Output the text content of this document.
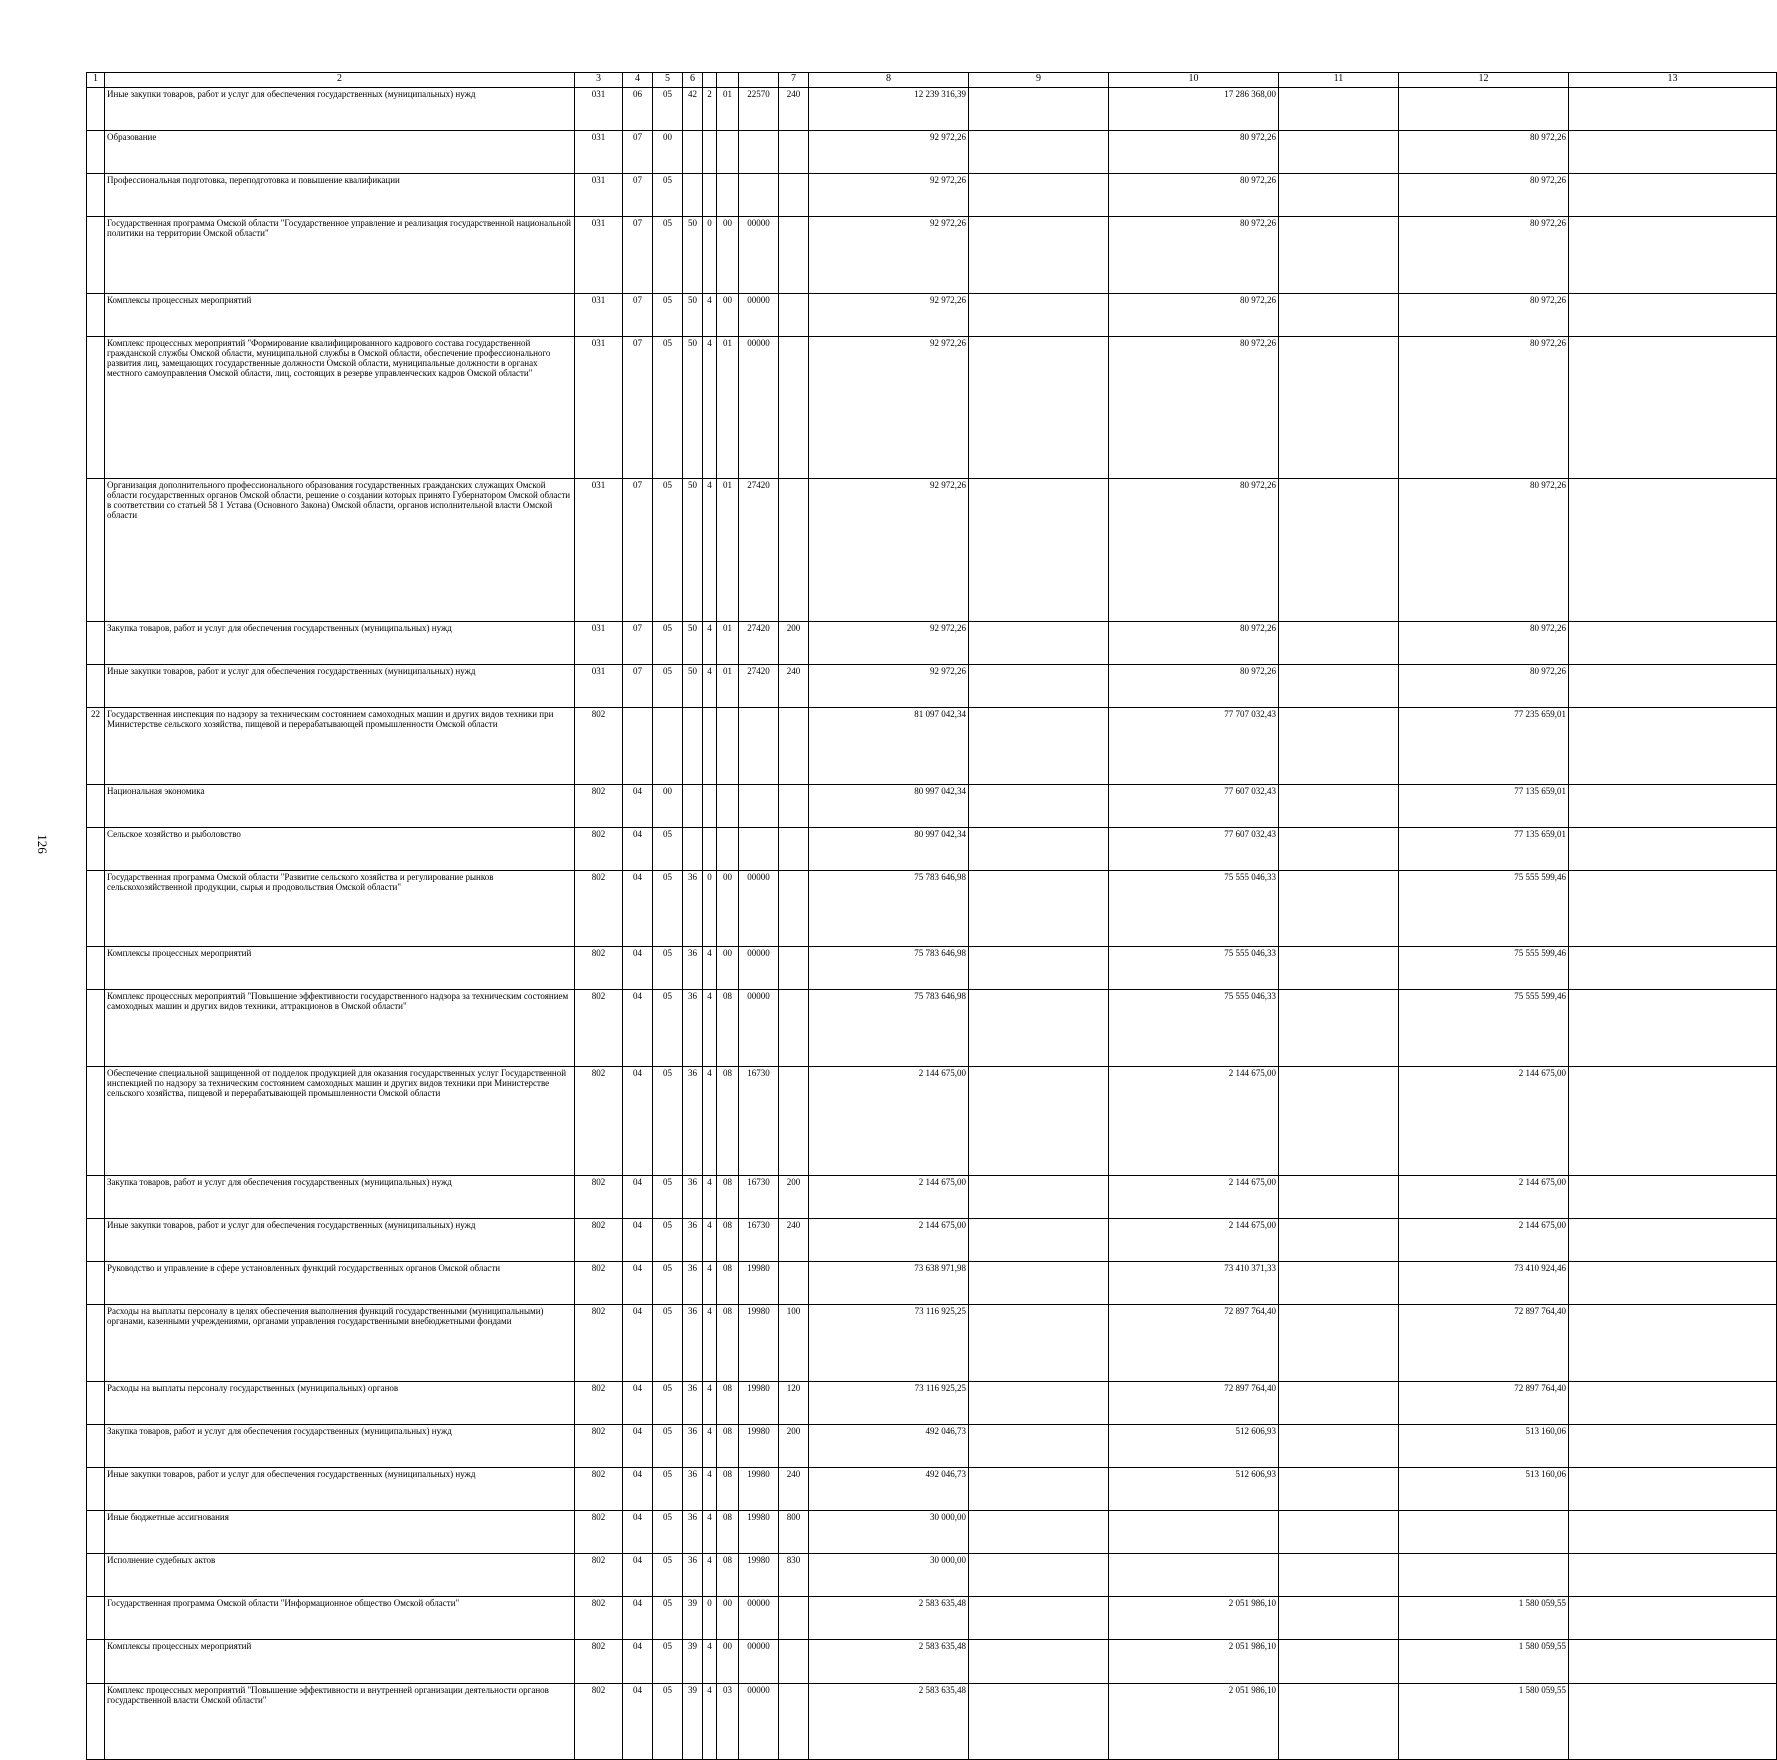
126
1	2	3	4	5	6				7	8	9	10	11	12	13
	Иные закупки товаров, работ и услуг для обеспечения государственных (муниципальных) нужд	031	06	05	42	2	01	22570	240	12 239 316,39		17 286 368,00			
	Образование	031	07	00						92 972,26		80 972,26		80 972,26	
	Профессиональная подготовка, переподготовка и повышение квалификации	031	07	05						92 972,26		80 972,26		80 972,26	
	Государственная программа Омской области "Государственное управление и реализация государственной национальной политики на территории Омской области"	031	07	05	50	0	00	00000		92 972,26		80 972,26		80 972,26	
	Комплексы процессных мероприятий	031	07	05	50	4	00	00000		92 972,26		80 972,26		80 972,26	
	Комплекс процессных мероприятий "Формирование квалифицированного кадрового состава государственной гражданской службы Омской области, муниципальной службы в Омской области, обеспечение профессионального развития лиц, замещающих государственные должности Омской области, муниципальные должности в органах местного самоуправления Омской области, лиц, состоящих в резерве управленческих кадров Омской области"	031	07	05	50	4	01	00000		92 972,26		80 972,26		80 972,26	
	Организация дополнительного профессионального образования государственных гражданских служащих Омской области государственных органов Омской области, решение о создании которых принято Губернатором Омской области в соответствии со статьей 58 1 Устава (Основного Закона) Омской области, органов исполнительной власти Омской области	031	07	05	50	4	01	27420		92 972,26		80 972,26		80 972,26	
	Закупка товаров, работ и услуг для обеспечения государственных (муниципальных) нужд	031	07	05	50	4	01	27420	200	92 972,26		80 972,26		80 972,26	
	Иные закупки товаров, работ и услуг для обеспечения государственных (муниципальных) нужд	031	07	05	50	4	01	27420	240	92 972,26		80 972,26		80 972,26	
22	Государственная инспекция по надзору за техническим состоянием самоходных машин и других видов техники при Министерстве сельского хозяйства, пищевой и перерабатывающей промышленности Омской области	802								81 097 042,34		77 707 032,43		77 235 659,01	
	Национальная экономика	802	04	00						80 997 042,34		77 607 032,43		77 135 659,01	
	Сельское хозяйство и рыболовство	802	04	05						80 997 042,34		77 607 032,43		77 135 659,01	
	Государственная программа Омской области "Развитие сельского хозяйства и регулирование рынков сельскохозяйственной продукции, сырья и продовольствия Омской области"	802	04	05	36	0	00	00000		75 783 646,98		75 555 046,33		75 555 599,46	
	Комплексы процессных мероприятий	802	04	05	36	4	00	00000		75 783 646,98		75 555 046,33		75 555 599,46	
	Комплекс процессных мероприятий "Повышение эффективности государственного надзора за техническим состоянием самоходных машин и других видов техники, аттракционов в Омской области"	802	04	05	36	4	08	00000		75 783 646,98		75 555 046,33		75 555 599,46	
	Обеспечение специальной защищенной от подделок продукцией для оказания государственных услуг Государственной инспекцией по надзору за техническим состоянием самоходных машин и других видов техники при Министерстве сельского хозяйства, пищевой и перерабатывающей промышленности Омской области	802	04	05	36	4	08	16730		2 144 675,00		2 144 675,00		2 144 675,00	
	Закупка товаров, работ и услуг для обеспечения государственных (муниципальных) нужд	802	04	05	36	4	08	16730	200	2 144 675,00		2 144 675,00		2 144 675,00	
	Иные закупки товаров, работ и услуг для обеспечения государственных (муниципальных) нужд	802	04	05	36	4	08	16730	240	2 144 675,00		2 144 675,00		2 144 675,00	
	Руководство и управление в сфере установленных функций государственных органов Омской области	802	04	05	36	4	08	19980		73 638 971,98		73 410 371,33		73 410 924,46	
	Расходы на выплаты персоналу в целях обеспечения выполнения функций государственными (муниципальными) органами, казенными учреждениями, органами управления государственными внебюджетными фондами	802	04	05	36	4	08	19980	100	73 116 925,25		72 897 764,40		72 897 764,40	
	Расходы на выплаты персоналу государственных (муниципальных) органов	802	04	05	36	4	08	19980	120	73 116 925,25		72 897 764,40		72 897 764,40	
	Закупка товаров, работ и услуг для обеспечения государственных (муниципальных) нужд	802	04	05	36	4	08	19980	200	492 046,73		512 606,93		513 160,06	
	Иные закупки товаров, работ и услуг для обеспечения государственных (муниципальных) нужд	802	04	05	36	4	08	19980	240	492 046,73		512 606,93		513 160,06	
	Иные бюджетные ассигнования	802	04	05	36	4	08	19980	800	30 000,00					
	Исполнение судебных актов	802	04	05	36	4	08	19980	830	30 000,00					
	Государственная программа Омской области "Информационное общество Омской области"	802	04	05	39	0	00	00000		2 583 635,48		2 051 986,10		1 580 059,55	
	Комплексы процессных мероприятий	802	04	05	39	4	00	00000		2 583 635,48		2 051 986,10		1 580 059,55	
	Комплекс процессных мероприятий "Повышение эффективности и внутренней организации деятельности органов государственной власти Омской области"	802	04	05	39	4	03	00000		2 583 635,48		2 051 986,10		1 580 059,55	
